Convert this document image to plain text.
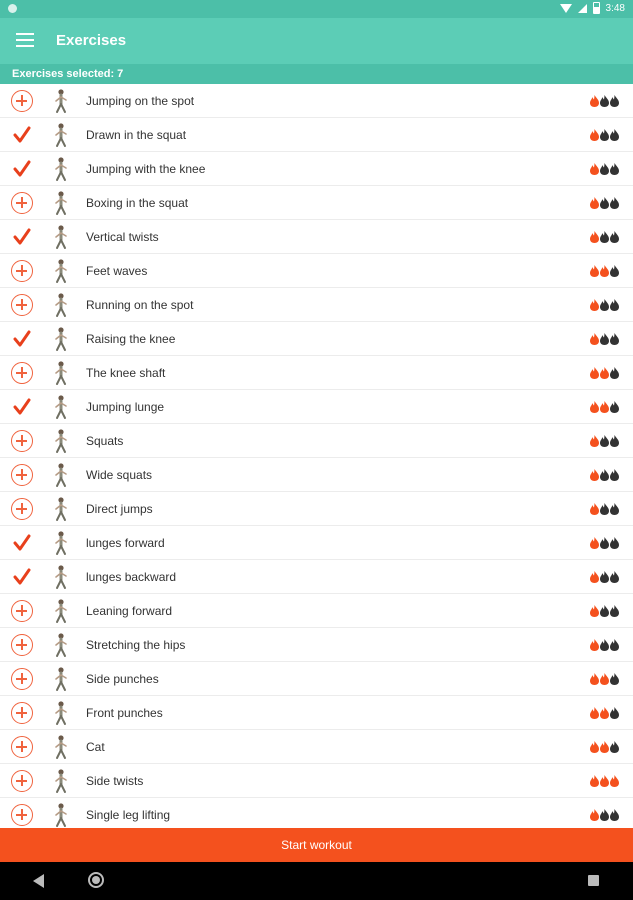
3:48
Exercises
Exercises selected: 7
Jumping on the spot
Drawn in the squat
Jumping with the knee
Boxing in the squat
Vertical twists
Feet waves
Running on the spot
Raising the knee
The knee shaft
Jumping lunge
Squats
Wide squats
Direct jumps
lunges forward
lunges backward
Leaning forward
Stretching the hips
Side punches
Front punches
Cat
Side twists
Single leg lifting
Start workout
